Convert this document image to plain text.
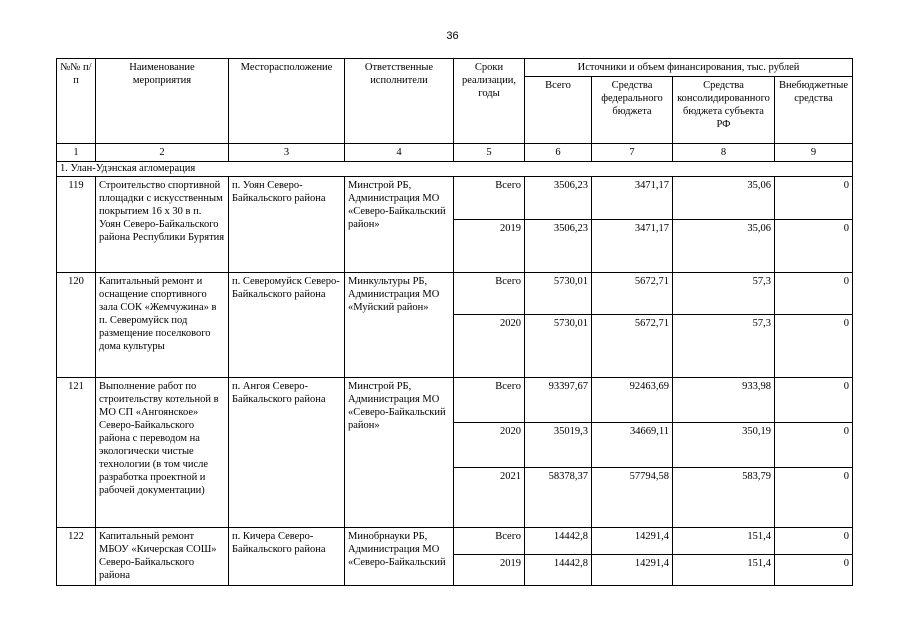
36
№№ п/п	Наименование мероприятия	Месторасположение	Ответственные исполнители	Сроки реализации, годы	Источники и объем финансирования, тыс. рублей			
					Всего	Средства федерального бюджета	Средства консолидированного бюджета субъекта РФ	Внебюджетные средства
1	2	3	4	5	6	7	8	9
1. Улан-Удэнская агломерация								
119	Строительство спортивной площадки с искусственным покрытием 16 х 30 в п. Уоян Северо-Байкальского района Республики Бурятия	п. Уоян Северо-Байкальского района	Минстрой РБ, Администрация МО «Северо-Байкальский район»	Всего	3506,23	3471,17	35,06	0
				2019	3506,23	3471,17	35,06	0
120	Капитальный ремонт и оснащение спортивного зала СОК «Жемчужина» в п. Северомуйск под размещение поселкового дома культуры	п. Северомуйск Северо-Байкальского района	Минкультуры РБ, Администрация МО «Муйский район»	Всего	5730,01	5672,71	57,3	0
				2020	5730,01	5672,71	57,3	0
121	Выполнение работ по строительству котельной в МО СП «Ангоянское» Северо-Байкальского района с переводом на экологически чистые технологии (в том числе разработка проектной и рабочей документации)	п. Ангоя Северо-Байкальского района	Минстрой РБ, Администрация МО «Северо-Байкальский район»	Всего	93397,67	92463,69	933,98	0
				2020	35019,3	34669,11	350,19	0
				2021	58378,37	57794,58	583,79	0
122	Капитальный ремонт МБОУ «Кичерская СОШ» Северо-Байкальского района	п. Кичера Северо-Байкальского района	Минобрнауки РБ, Администрация МО «Северо-Байкальский	Всего	14442,8	14291,4	151,4	0
				2019	14442,8	14291,4	151,4	0
